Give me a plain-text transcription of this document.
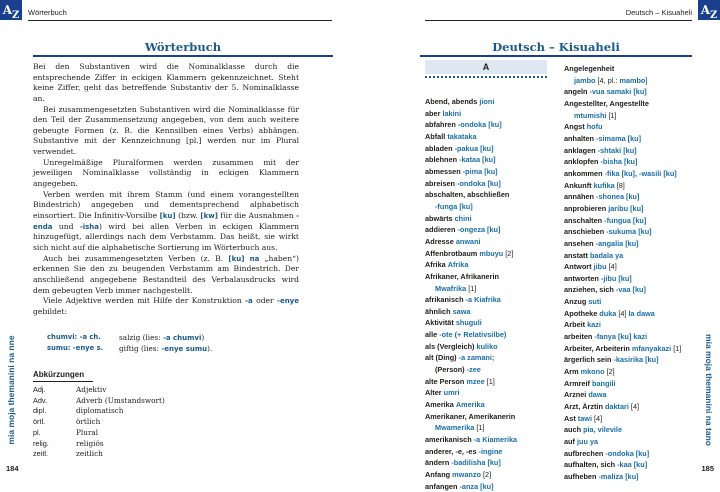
AZ	Wörterbuch
Wörterbuch

Bei den Substantiven wird die Nominalklasse durch die entsprechende Ziffer in eckigen Klammern gekennzeichnet. Steht keine Ziffer, geht das betreffende Substantiv der 5. Nominalklasse an.

Bei zusammengesetzten Substantiven wird die Nominalklasse für den Teil der Zusammensetzung angegeben, von dem auch weitere gebeugte Formen (z. B. die Kennsilben eines Verbs) abhängen. Substantive mit der Kennzeichnung [pl.] werden nur im Plural verwendet.

Unregelmäßige Pluralformen werden zusammen mit der jeweiligen Nominalklasse vollständig in eckigen Klammern angegeben.

Verben werden mit ihrem Stamm (und einem vorangestellten Bindestrich) angegeben und dementsprechend alphabetisch einsortiert. Die Infinitiv-Vorsilbe [ku] (bzw. [kw] für die Ausnahmen -enda und -isha) wird bei allen Verben in eckigen Klammern hinzugefügt, allerdings nach dem Verbstamm. Das heißt, sie wirkt sich nicht auf die alphabetische Sortierung im Wörterbuch aus.

Auch bei zusammengesetzten Verben (z. B. [ku] na „haben“) erkennen Sie den zu beugenden Verbstamm am Bindestrich. Der anschließend angegebene Bestandteil des Verbalausdrucks wird dem gebeugten Verb immer nachgestellt.

Viele Adjektive werden mit Hilfe der Konstruktion -a oder -enye gebildet:

chumvi: -a ch.	salzig (lies: -a chumvi)
sumu: -enye s.	giftig (lies: -enye sumu).
Abkürzungen
Adj.	Adjektiv
Adv.	Adverb (Umstandswort)
dipl.	diplomatisch
örtl.	örtlich
pl.	Plural
relig.	religiös
zeitl.	zeitlich
mia moja themanini na nne
184
AZ
Deutsch – Kisuaheli
Deutsch – Kisuaheli
A
Abend, abends jioni
aber lakini
abfahren -ondoka [ku]
Abfall takataka
abladen -pakua [ku]
ablehnen -kataa [ku]
abmessen -pima [ku]
abreisen -ondoka [ku]
abschalten, abschließen
-funga [ku]
abwärts chini
addieren -ongeza [ku]
Adresse anwani
Affenbrotbaum mbuyu [2]
Afrika Afrika
Afrikaner, Afrikanerin
Mwafrika [1]
afrikanisch -a Kiafrika
ähnlich sawa
Aktivität shuguli
alle -ote (+ Relativsilbe)
als (Vergleich) kuliko
alt (Ding) -a zamani;
(Person) -zee
alte Person mzee [1]
Alter umri
Amerika Amerika
Amerikaner, Amerikanerin
Mwamerika [1]
amerikanisch -a Kiamerika
anderer, -e, -es -ingine
ändern -badilisha [ku]
Anfang mwanzo [2]
anfangen -anza [ku]
Angelegenheit
jambo [4, pl.: mambo]
angeln -vua samaki [ku]
Angestellter, Angestellte
mtumishi [1]
Angst hofu
anhalten -simama [ku]
anklagen -shtaki [ku]
anklopfen -bisha [ku]
ankommen -fika [ku], -wasili [ku]
Ankunft kufika [8]
annähen -shonea [ku]
anprobieren jaribu [ku]
anschalten -fungua [ku]
anschieben -sukuma [ku]
ansehen -angalia [ku]
anstatt badala ya
Antwort jibu [4]
antworten -jibu [ku]
anziehen, sich -vaa [ku]
Anzug suti
Apotheke duka [4] la dawa
Arbeit kazi
arbeiten -fanya [ku] kazi
Arbeiter, Arbeiterin mfanyakazi [1]
ärgerlich sein -kasirika [ku]
Arm mkono [2]
Armreif bangili
Arznei dawa
Arzt, Ärztin daktari [4]
Ast tawi [4]
auch pia, vilevile
auf juu ya
aufbrechen -ondoka [ku]
aufhalten, sich -kaa [ku]
aufheben -maliza [ku]
mia moja themanini na tano
185
